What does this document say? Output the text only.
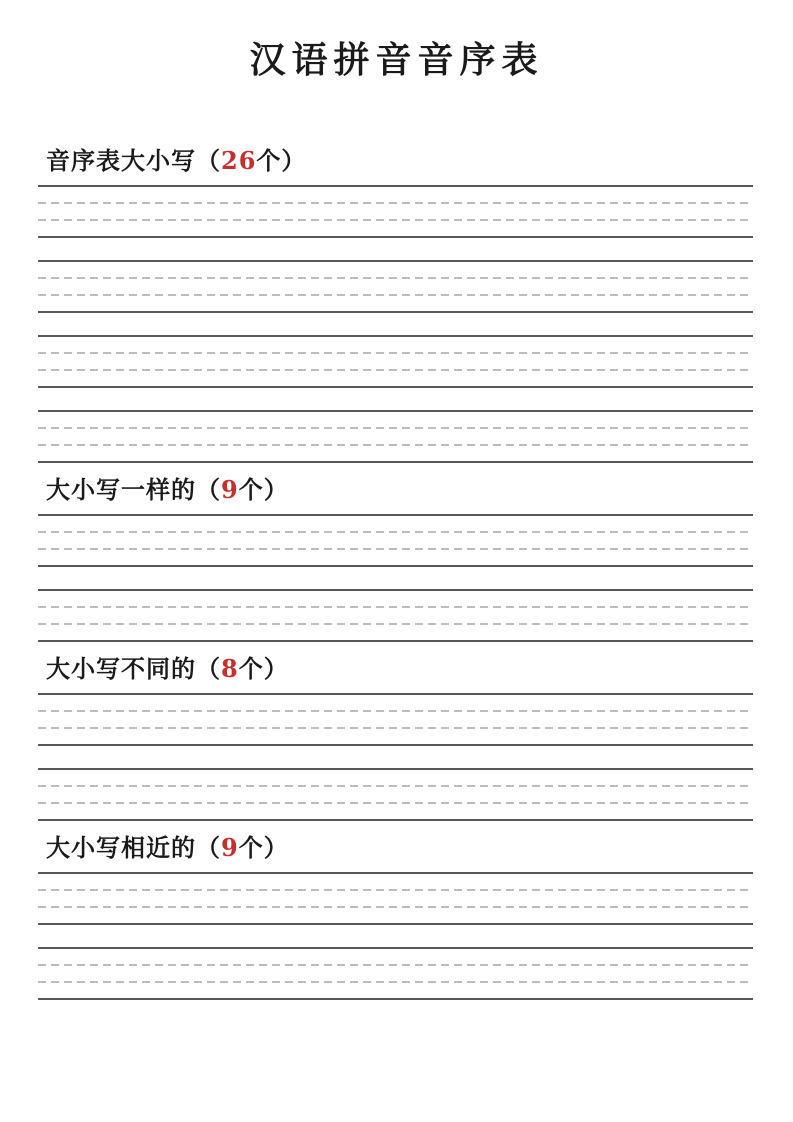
汉语拼音音序表
音序表大小写（26个）
大小写一样的（9个）
大小写不同的（8个）
大小写相近的（9个）
